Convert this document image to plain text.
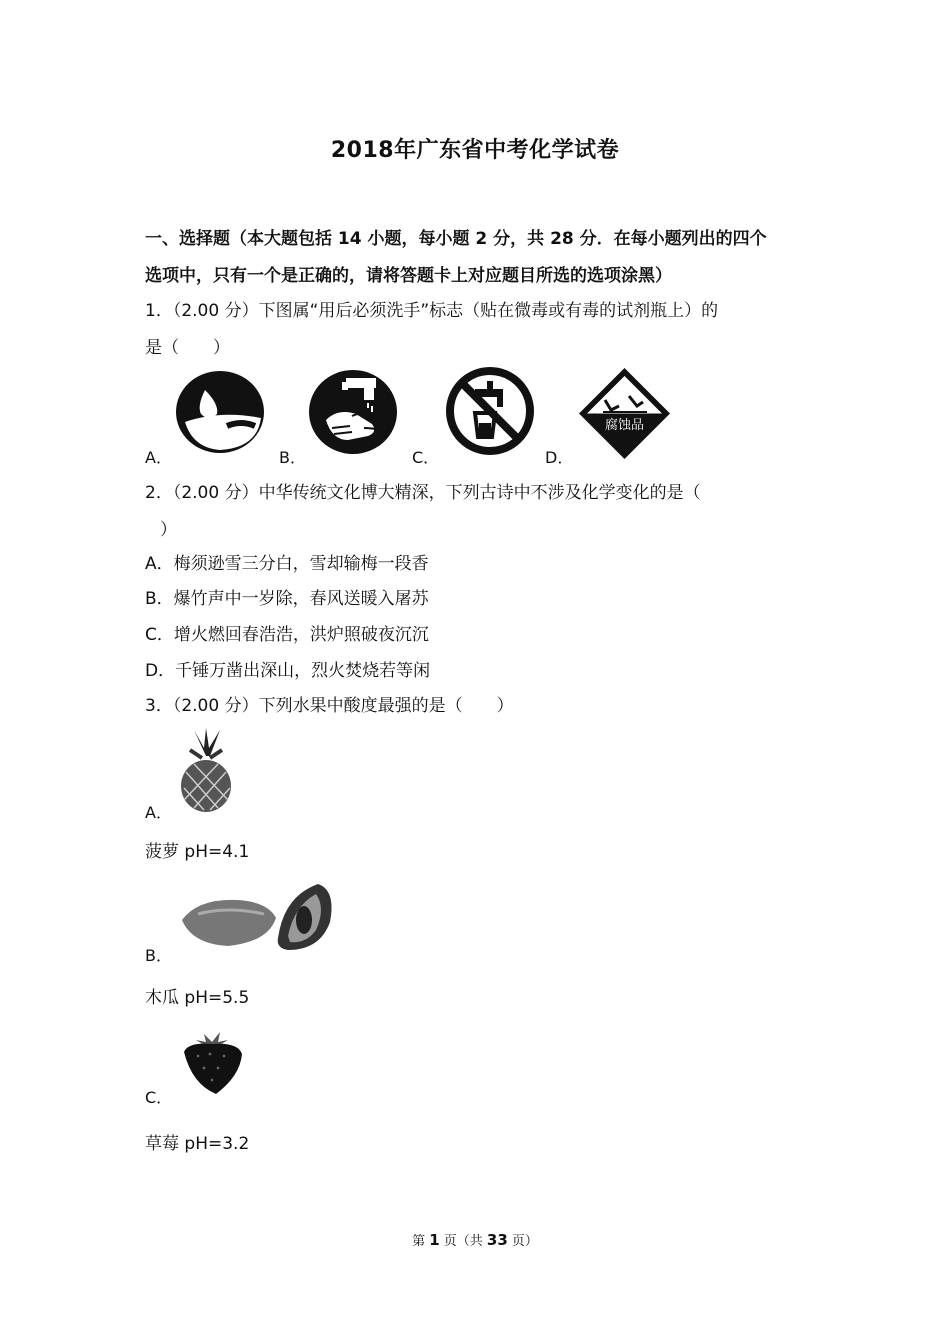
2018年广东省中考化学试卷
一、选择题（本大题包括 14 小题，每小题 2 分，共 28 分．在每小题列出的四个
选项中，只有一个是正确的，请将答题卡上对应题目所选的选项涂黑）
1．（2.00 分）下图属“用后必须洗手”标志（贴在微毒或有毒的试剂瓶上）的
是（　　）
A．	B．	C．
腐蚀品
D．
2．（2.00 分）中华传统文化博大精深，下列古诗中不涉及化学变化的是（
）
A．梅须逊雪三分白，雪却输梅一段香
B．爆竹声中一岁除，春风送暖入屠苏
C．增火燃回春浩浩，洪炉照破夜沉沉
D．千锤万凿出深山，烈火焚烧若等闲
3．（2.00 分）下列水果中酸度最强的是（　　）
A．
菠萝 pH=4.1
B．
木瓜 pH=5.5
C．
草莓 pH=3.2
第 1 页（共 33 页）
